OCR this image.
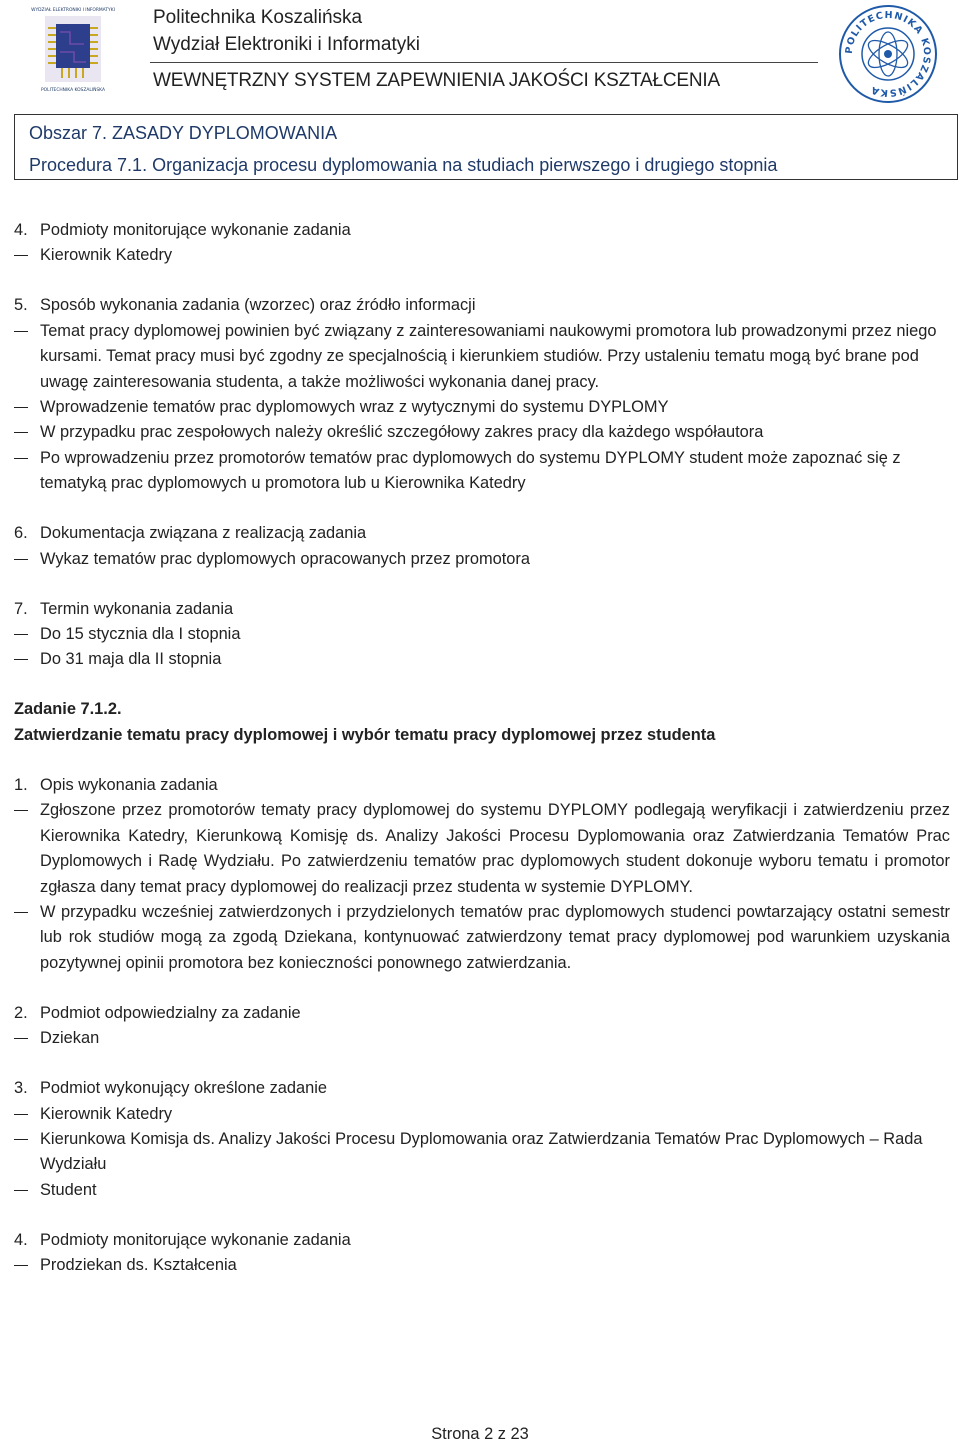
WYDZIAŁ ELEKTRONIKI I INFORMATYKI
POLITECHNIKA KOSZALIŃSKA
Politechnika Koszalińska
Wydział Elektroniki i Informatyki
WEWNĘTRZNY SYSTEM ZAPEWNIENIA JAKOŚCI KSZTAŁCENIA
POLITECHNIKA KOSZALIŃSKA
Obszar 7. ZASADY DYPLOMOWANIA
Procedura 7.1. Organizacja procesu dyplomowania na studiach pierwszego i drugiego stopnia
4. Podmioty monitorujące wykonanie zadania
Kierownik Katedry
5. Sposób wykonania zadania (wzorzec) oraz źródło informacji
Temat pracy dyplomowej powinien być związany z zainteresowaniami naukowymi promotora lub prowadzonymi przez niego kursami. Temat pracy musi być zgodny ze specjalnością i kierunkiem studiów. Przy ustaleniu tematu mogą być brane pod uwagę zainteresowania studenta, a także możliwości wykonania danej pracy.
Wprowadzenie tematów prac dyplomowych wraz z wytycznymi do systemu DYPLOMY
W przypadku prac zespołowych należy określić szczegółowy zakres pracy dla każdego współautora
Po wprowadzeniu przez promotorów tematów prac dyplomowych do systemu DYPLOMY student może zapoznać się z tematyką prac dyplomowych u promotora lub u Kierownika Katedry
6. Dokumentacja związana z realizacją zadania
Wykaz tematów prac dyplomowych opracowanych przez promotora
7. Termin wykonania zadania
Do 15 stycznia dla I stopnia
Do 31 maja dla II stopnia
Zadanie 7.1.2.
Zatwierdzanie tematu pracy dyplomowej i wybór tematu pracy dyplomowej przez studenta
1. Opis wykonania zadania
Zgłoszone przez promotorów tematy pracy dyplomowej do systemu DYPLOMY podlegają weryfikacji i zatwierdzeniu przez Kierownika Katedry, Kierunkową Komisję ds. Analizy Jakości Procesu Dyplomowania oraz Zatwierdzania Tematów Prac Dyplomowych i Radę Wydziału. Po zatwierdzeniu tematów prac dyplomowych student dokonuje wyboru tematu i promotor zgłasza dany temat pracy dyplomowej do realizacji przez studenta w systemie DYPLOMY.
W przypadku wcześniej zatwierdzonych i przydzielonych tematów prac dyplomowych studenci powtarzający ostatni semestr lub rok studiów mogą za zgodą Dziekana, kontynuować zatwierdzony temat pracy dyplomowej pod warunkiem uzyskania pozytywnej opinii promotora bez konieczności ponownego zatwierdzania.
2. Podmiot odpowiedzialny za zadanie
Dziekan
3. Podmiot wykonujący określone zadanie
Kierownik Katedry
Kierunkowa Komisja ds. Analizy Jakości Procesu Dyplomowania oraz Zatwierdzania Tematów Prac Dyplomowych – Rada Wydziału
Student
4. Podmioty monitorujące wykonanie zadania
Prodziekan ds. Kształcenia
Strona 2 z 23
